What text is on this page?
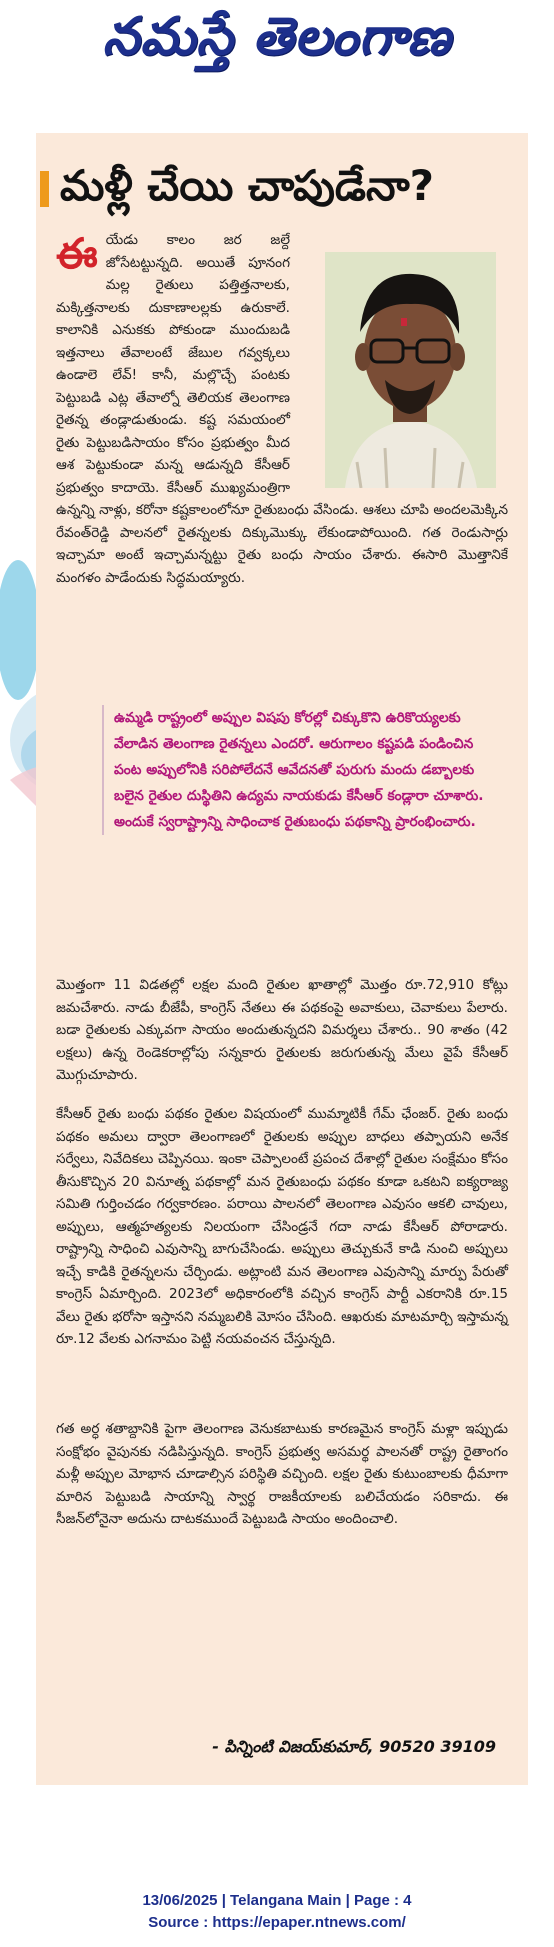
నమస్తే తెలంగాణ
మళ్లీ చేయి చాపుడేనా?

ఈయేడు కాలం జర జల్దే జోసేటట్టున్నది. అయితే పూనంగ మల్ల రైతులు పత్తిత్తనాలకు, మక్కిత్తనాలకు దుకాణాలల్లకు ఉరుకాలే. కాలానికి ఎనుకకు పోకుండా ముందుబడి ఇత్తనాలు తేవాలంటే జేబుల గవ్వక్కలు ఉండాలె లేవ్! కానీ, మల్లొచ్చే పంటకు పెట్టుబడి ఎట్ల తేవాల్నో తెలియక తెలంగాణ రైతన్న తండ్లాడుతుండు. కష్ట సమయంలో రైతు పెట్టుబడిసాయం కోసం ప్రభుత్వం మీద ఆశ పెట్టుకుండా మన్న ఆడున్నది కేసీఆర్ ప్రభుత్వం కాదాయె. కేసీఆర్ ముఖ్యమంత్రిగా ఉన్నన్ని నాళ్లు, కరోనా కష్టకాలంలోనూ రైతుబంధు వేసిండు. ఆశలు చూపి అందలమెక్కిన రేవంత్‌రెడ్డి పాలనలో రైతన్నలకు దిక్కుమొక్కు లేకుండాపోయింది. గత రెండుసార్లు ఇచ్చామా అంటే ఇచ్చామన్నట్టు రైతు బంధు సాయం చేశారు. ఈసారి మొత్తానికే మంగళం పాడేందుకు సిద్ధమయ్యారు.

ఉమ్మడి రాష్ట్రంలో అప్పుల విషపు కోరల్లో చిక్కుకొని ఉరికొయ్యలకు వేలాడిన తెలంగాణ రైతన్నలు ఎందరో. ఆరుగాలం కష్టపడి పండించిన పంట అప్పులోనికి సరిపోలేదనే ఆవేదనతో పురుగు మందు డబ్బాలకు బలైన రైతుల దుస్థితిని ఉద్యమ నాయకుడు కేసీఆర్ కండ్లారా చూశారు. అందుకే స్వరాష్ట్రాన్ని సాధించాక రైతుబంధు పథకాన్ని ప్రారంభించారు.

మొత్తంగా 11 విడతల్లో లక్షల మంది రైతుల ఖాతాల్లో మొత్తం రూ.72,910 కోట్లు జమచేశారు. నాడు బీజేపీ, కాంగ్రెస్ నేతలు ఈ పథకంపై అవాకులు, చెవాకులు పేలారు. బడా రైతులకు ఎక్కువగా సాయం అందుతున్నదని విమర్శలు చేశారు.. 90 శాతం (42 లక్షలు) ఉన్న రెండెకరాల్లోపు సన్నకారు రైతులకు జరుగుతున్న మేలు వైపే కేసీఆర్ మొగ్గుచూపారు.

కేసీఆర్ రైతు బంధు పథకం రైతుల విషయంలో ముమ్మాటికీ గేమ్ ఛేంజర్. రైతు బంధు పథకం అమలు ద్వారా తెలంగాణలో రైతులకు అప్పుల బాధలు తప్పాయని అనేక సర్వేలు, నివేదికలు చెప్పినయి. ఇంకా చెప్పాలంటే ప్రపంచ దేశాల్లో రైతుల సంక్షేమం కోసం తీసుకొచ్చిన 20 వినూత్న పథకాల్లో మన రైతుబంధు పథకం కూడా ఒకటని ఐక్యరాజ్య సమితి గుర్తించడం గర్వకారణం. పరాయి పాలనలో తెలంగాణ ఎవుసం ఆకలి చావులు, అప్పులు, ఆత్మహత్యలకు నిలయంగా చేసిండ్రనే గదా నాడు కేసీఆర్ పోరాడారు. రాష్ట్రాన్ని సాధించి ఎవుసాన్ని బాగుచేసిండు. అప్పులు తెచ్చుకునే కాడి నుంచి అప్పులు ఇచ్చే కాడికి రైతన్నలను చేర్చిండు. అట్లాంటి మన తెలంగాణ ఎవుసాన్ని మార్పు పేరుతో కాంగ్రెస్ ఏమార్చింది. 2023లో అధికారంలోకి వచ్చిన కాంగ్రెస్ పార్టీ ఎకరానికి రూ.15 వేలు రైతు భరోసా ఇస్తానని నమ్మబలికి మోసం చేసింది. ఆఖరుకు మాటమార్చి ఇస్తామన్న రూ.12 వేలకు ఎగనామం పెట్టి నయవంచన చేస్తున్నది.

గత అర్ధ శతాబ్దానికి పైగా తెలంగాణ వెనుకబాటుకు కారణమైన కాంగ్రెస్ మళ్లా ఇప్పుడు సంక్షోభం వైపునకు నడిపిస్తున్నది. కాంగ్రెస్ ప్రభుత్వ అసమర్థ పాలనతో రాష్ట్ర రైతాంగం మళ్లీ అప్పుల మోభాన చూడాల్సిన పరిస్థితి వచ్చింది. లక్షల రైతు కుటుంబాలకు ధీమాగా మారిన పెట్టుబడి సాయాన్ని స్వార్థ రాజకీయాలకు బలిచేయడం సరికాదు. ఈ సీజన్‌లోనైనా అదును దాటకముందే పెట్టుబడి సాయం అందించాలి.

- పిన్నింటి విజయ్‌కుమార్, 90520 39109

13/06/2025 | Telangana Main | Page : 4
Source : https://epaper.ntnews.com/
